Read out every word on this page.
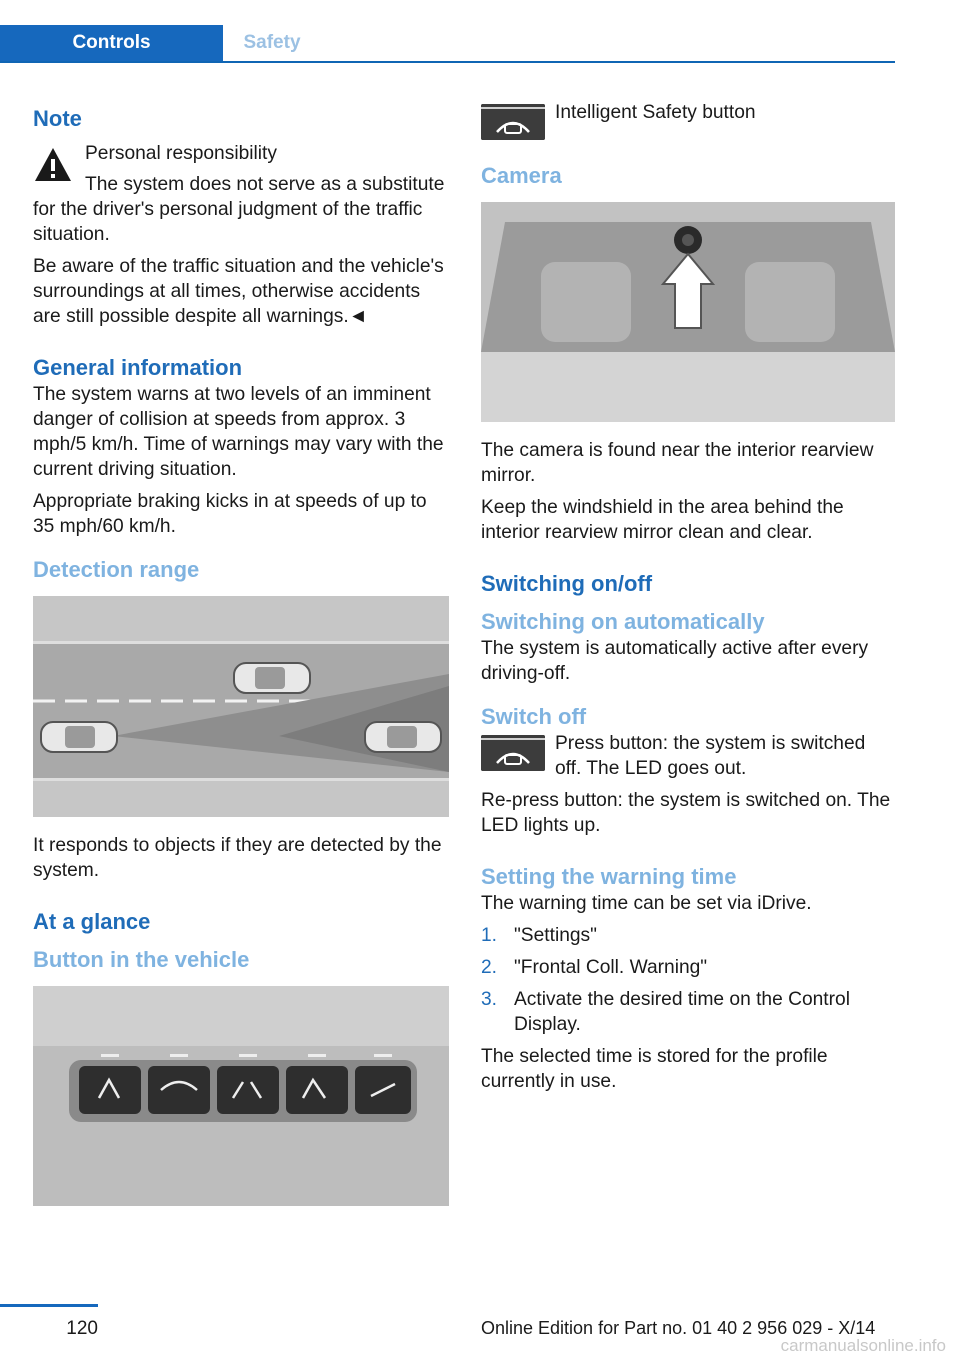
Controls	Safety
Note

Personal responsibility

The system does not serve as a substitute for the driver's personal judgment of the traffic situation.

Be aware of the traffic situation and the vehicle's surroundings at all times, otherwise accidents are still possible despite all warnings.◄

General information

The system warns at two levels of an imminent danger of collision at speeds from approx. 3 mph/5 km/h. Time of warnings may vary with the current driving situation.

Appropriate braking kicks in at speeds of up to 35 mph/60 km/h.

Detection range

It responds to objects if they are detected by the system.

At a glance
Button in the vehicle

Intelligent Safety button

Camera

The camera is found near the interior rearview mirror.

Keep the windshield in the area behind the interior rearview mirror clean and clear.

Switching on/off
Switching on automatically

The system is automatically active after every driving-off.

Switch off

Press button: the system is switched off. The LED goes out.

Re-press button: the system is switched on. The LED lights up.

Setting the warning time

The warning time can be set via iDrive.

1. "Settings"
2. "Frontal Coll. Warning"
3. Activate the desired time on the Control Display.

The selected time is stored for the profile currently in use.

120	Online Edition for Part no. 01 40 2 956 029 - X/14
carmanualsonline.info
